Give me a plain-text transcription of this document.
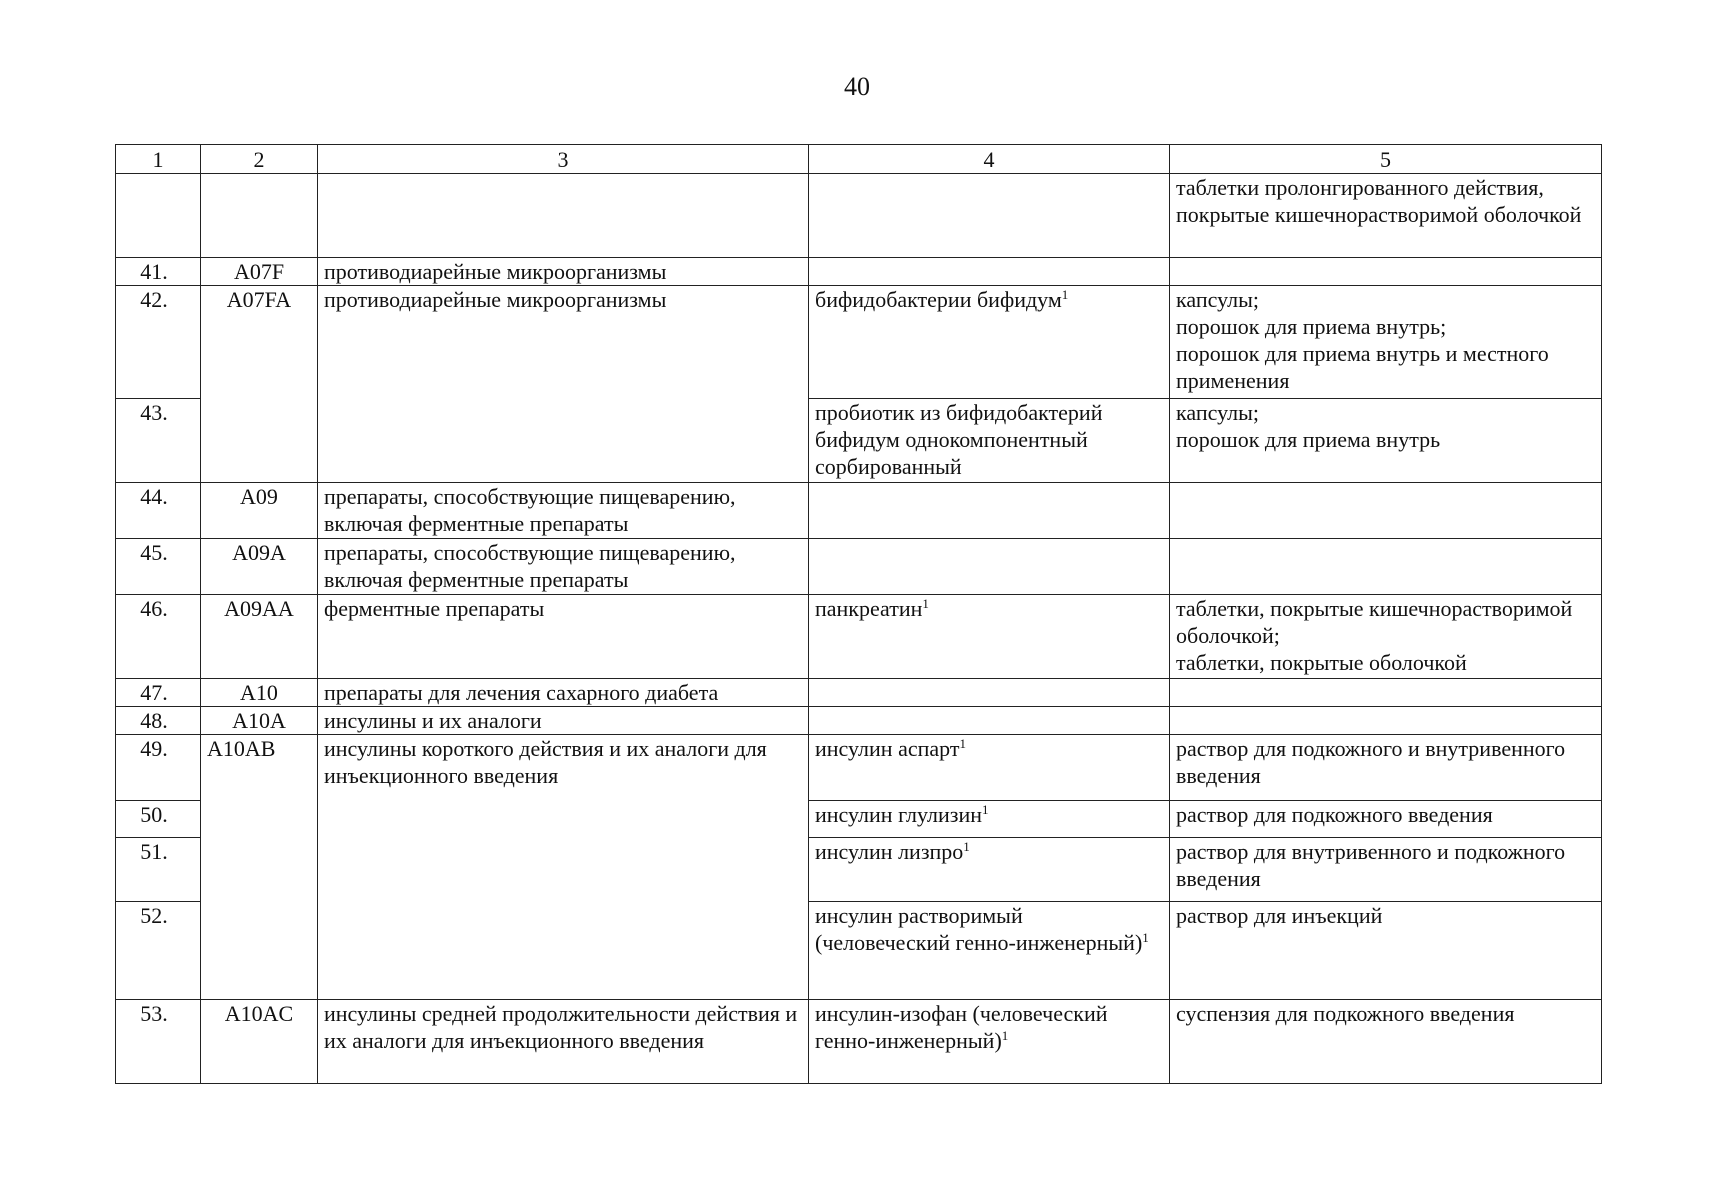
40
1	2	3	4	5
				таблетки пролонгированного действия, покрытые кишечнорастворимой оболочкой
41.	A07F	противодиарейные микроорганизмы		
42.	A07FA	противодиарейные микроорганизмы	бифидобактерии бифидум$^1$	капсулы;
порошок для приема внутрь;
порошок для приема внутрь и местного применения
43.			пробиотик из бифидобактерий бифидум однокомпонентный сорбированный	капсулы;
порошок для приема внутрь
44.	A09	препараты, способствующие пищеварению, включая ферментные препараты		
45.	A09A	препараты, способствующие пищеварению, включая ферментные препараты		
46.	A09AA	ферментные препараты	панкреатин$^1$	таблетки, покрытые кишечнорастворимой оболочкой;
таблетки, покрытые оболочкой
47.	A10	препараты для лечения сахарного диабета		
48.	A10A	инсулины и их аналоги		
49.	A10AB	инсулины короткого действия и их аналоги для инъекционного введения	инсулин аспарт$^1$	раствор для подкожного и внутривенного введения
50.			инсулин глулизин$^1$	раствор для подкожного введения
51.			инсулин лизпро$^1$	раствор для внутривенного и подкожного введения
52.			инсулин растворимый (человеческий генно-инженерный)$^1$	раствор для инъекций
53.	A10AC	инсулины средней продолжительности действия и их аналоги для инъекционного введения	инсулин-изофан (человеческий генно-инженерный)$^1$	суспензия для подкожного введения
